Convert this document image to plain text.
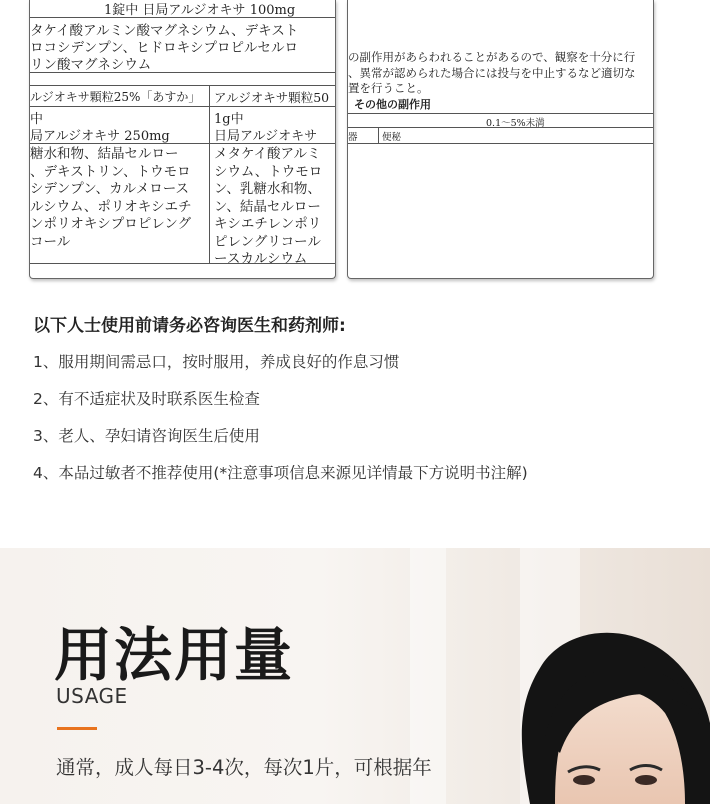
1錠中 日局アルジオキサ 100mg
タケイ酸アルミン酸マグネシウム、デキスト
ロコシデンプン、ヒドロキシプロピルセルロ
リン酸マグネシウム
ルジオキサ顆粒25%「あすか」 アルジオキサ顆粒50
中
局アルジオキサ 250mg
1g中
日局アルジオキサ
糖水和物、結晶セルロー
、デキストリン、トウモロ
シデンプン、カルメロース
ルシウム、ポリオキシエチ
ンポリオキシプロピレング
コール
メタケイ酸アルミ
シウム、トウモロ
ン、乳糖水和物、
ン、結晶セルロー
キシエチレンポリ
ピレングリコール
ースカルシウム
の副作用があらわれることがあるので、観察を十分に行
、異常が認められた場合には投与を中止するなど適切な
置を行うこと。
その他の副作用
0.1～5%未満
器	便秘
以下人士使用前请务必咨询医生和药剂师:
1、服用期间需忌口，按时服用，养成良好的作息习惯
2、有不适症状及时联系医生检查
3、老人、孕妇请咨询医生后使用
4、本品过敏者不推荐使用(*注意事项信息来源见详情最下方说明书注解)
用法用量
USAGE
通常，成人每日3-4次，每次1片，可根据年
